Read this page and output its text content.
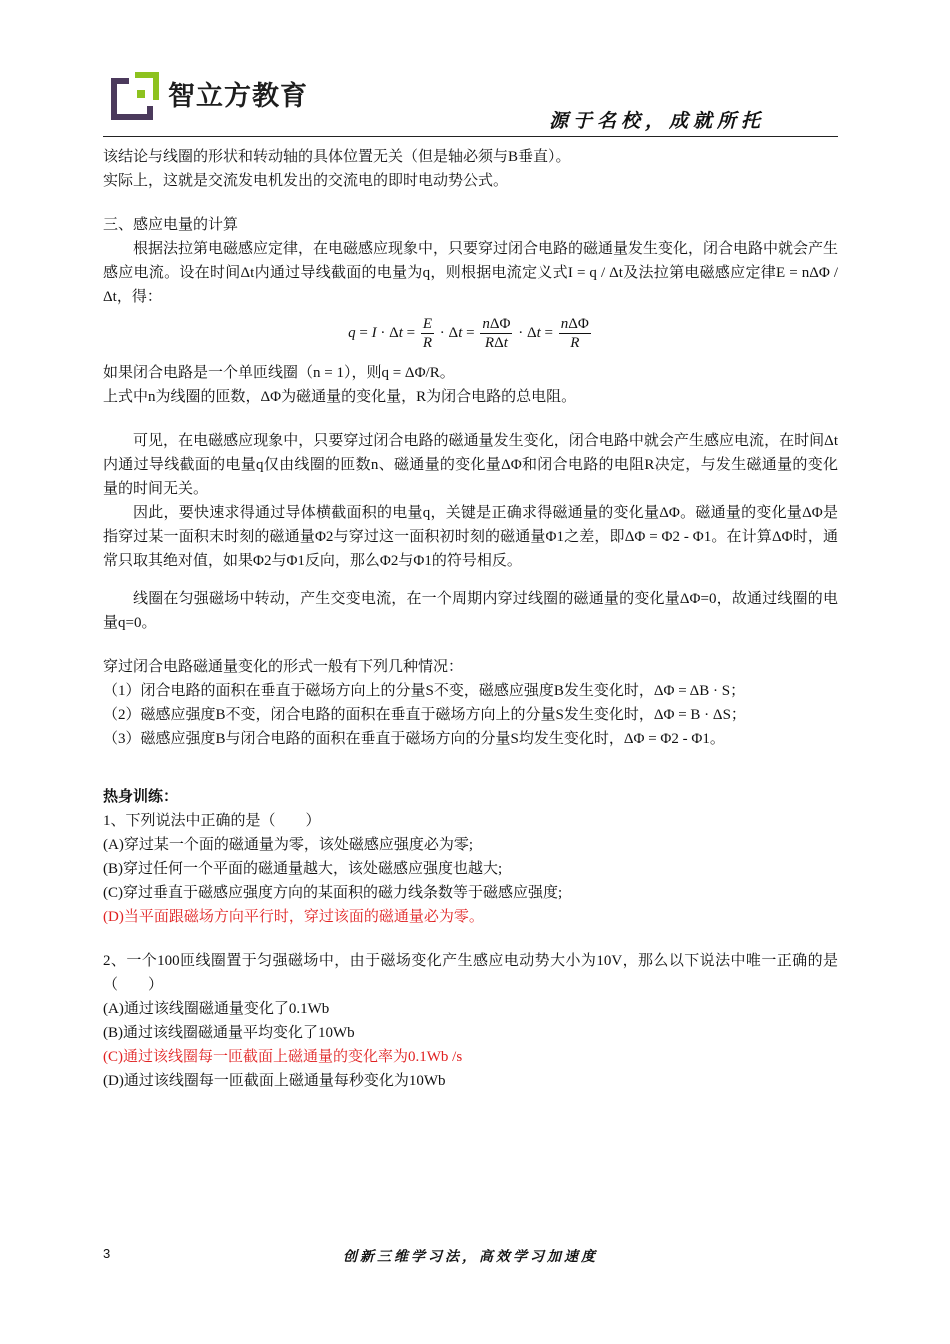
智立方教育
源于名校，成就所托

该结论与线圈的形状和转动轴的具体位置无关（但是轴必须与B垂直）。

实际上，这就是交流发电机发出的交流电的即时电动势公式。

三、感应电量的计算

根据法拉第电磁感应定律，在电磁感应现象中，只要穿过闭合电路的磁通量发生变化，闭合电路中就会产生感应电流。设在时间Δt内通过导线截面的电量为q，则根据电流定义式I = q / Δt及法拉第电磁感应定律E = nΔΦ / Δt，得：

$q = I \cdot \Delta t = \frac{E}{R} \cdot \Delta t = \frac{\text{nΔΦ}}{\text{RΔt}} \cdot \Delta t = \frac{\text{nΔΦ}}{R}$

如果闭合电路是一个单匝线圈（n = 1），则q = ΔΦ/R。

上式中n为线圈的匝数，ΔΦ为磁通量的变化量，R为闭合电路的总电阻。

可见，在电磁感应现象中，只要穿过闭合电路的磁通量发生变化，闭合电路中就会产生感应电流，在时间Δt内通过导线截面的电量q仅由线圈的匝数n、磁通量的变化量ΔΦ和闭合电路的电阻R决定，与发生磁通量的变化量的时间无关。

因此，要快速求得通过导体横截面积的电量q，关键是正确求得磁通量的变化量ΔΦ。磁通量的变化量ΔΦ是指穿过某一面积末时刻的磁通量Φ2与穿过这一面积初时刻的磁通量Φ1之差，即ΔΦ = Φ2 - Φ1。在计算ΔΦ时，通常只取其绝对值，如果Φ2与Φ1反向，那么Φ2与Φ1的符号相反。

线圈在匀强磁场中转动，产生交变电流，在一个周期内穿过线圈的磁通量的变化量ΔΦ=0，故通过线圈的电量q=0。

穿过闭合电路磁通量变化的形式一般有下列几种情况：

（1）闭合电路的面积在垂直于磁场方向上的分量S不变，磁感应强度B发生变化时，ΔΦ = ΔB · S；

（2）磁感应强度B不变，闭合电路的面积在垂直于磁场方向上的分量S发生变化时，ΔΦ = B · ΔS；

（3）磁感应强度B与闭合电路的面积在垂直于磁场方向的分量S均发生变化时，ΔΦ = Φ2 - Φ1。

热身训练：

1、下列说法中正确的是（　　）

(A)穿过某一个面的磁通量为零，该处磁感应强度必为零;

(B)穿过任何一个平面的磁通量越大，该处磁感应强度也越大;

(C)穿过垂直于磁感应强度方向的某面积的磁力线条数等于磁感应强度;

(D)当平面跟磁场方向平行时，穿过该面的磁通量必为零。

2、一个100匝线圈置于匀强磁场中，由于磁场变化产生感应电动势大小为10V，那么以下说法中唯一正确的是（　　）

(A)通过该线圈磁通量变化了0.1Wb

(B)通过该线圈磁通量平均变化了10Wb

(C)通过该线圈每一匝截面上磁通量的变化率为0.1Wb /s

(D)通过该线圈每一匝截面上磁通量每秒变化为10Wb

3	创新三维学习法，高效学习加速度
